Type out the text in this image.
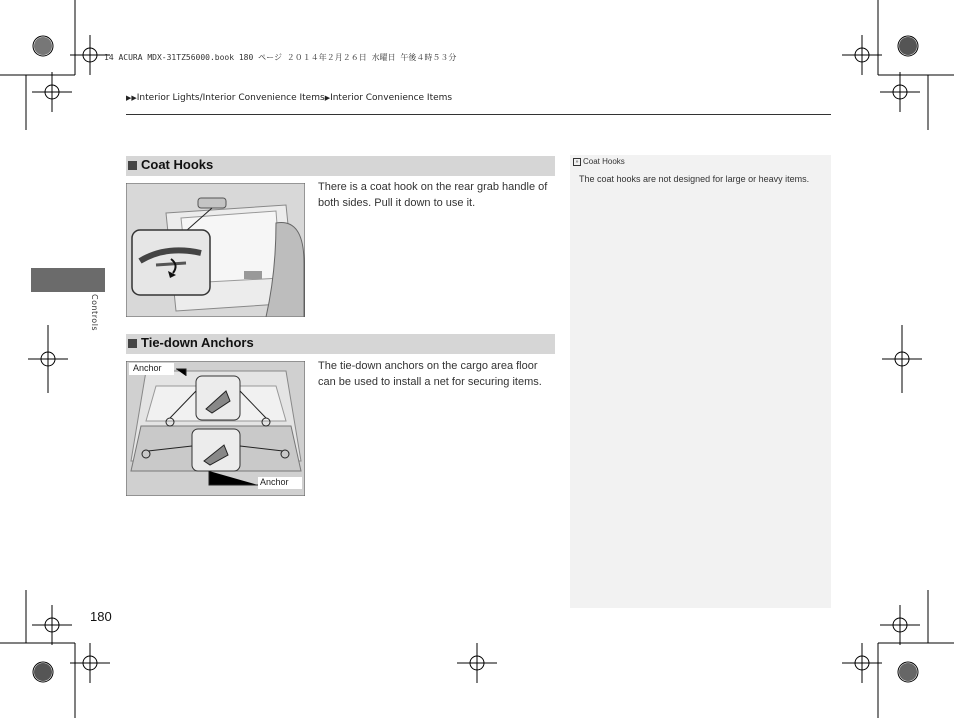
14 ACURA MDX-31TZ56000.book 180 ページ ２０１４年２月２６日 水曜日 午後４時５３分
▶▶Interior Lights/Interior Convenience Items▶Interior Convenience Items
Controls
Coat Hooks
There is a coat hook on the rear grab handle of both sides. Pull it down to use it.
Tie-down Anchors
Anchor
Anchor
The tie-down anchors on the cargo area floor can be used to install a net for securing items.
» Coat Hooks
The coat hooks are not designed for large or heavy items.
180
